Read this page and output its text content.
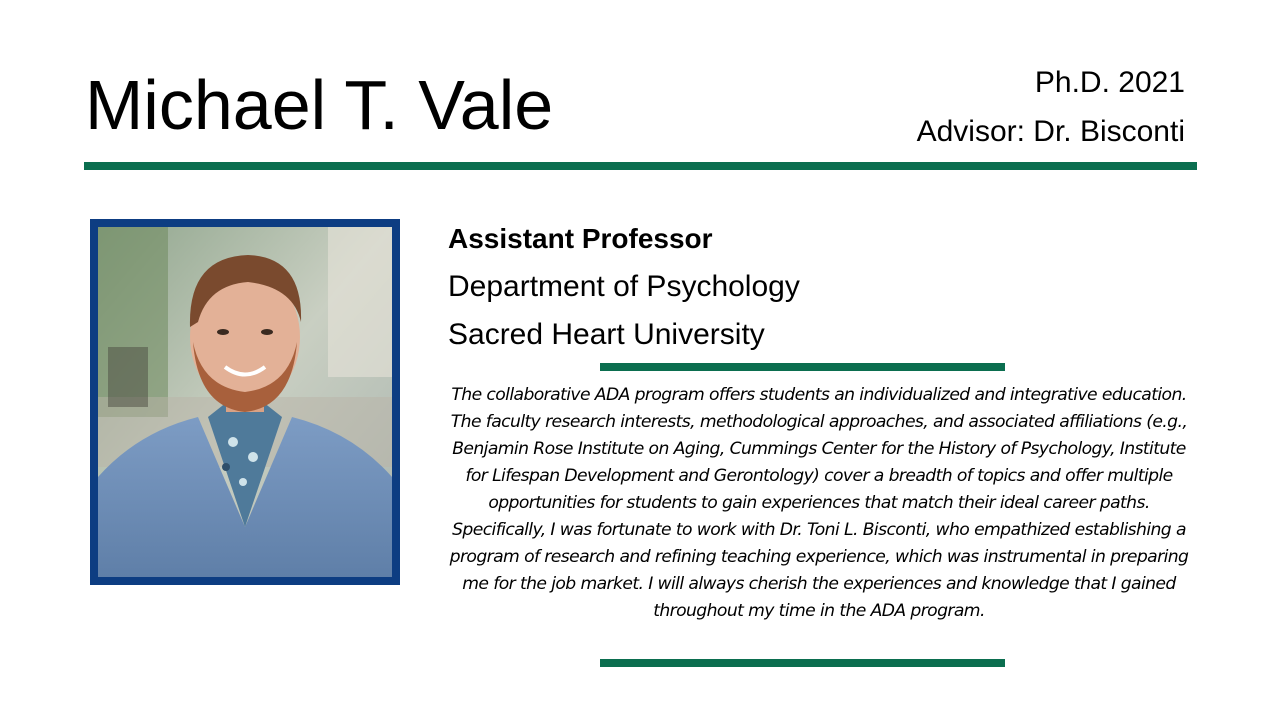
Michael T. Vale	Ph.D. 2021
Advisor: Dr. Bisconti
Assistant Professor
Department of Psychology
Sacred Heart University

The collaborative ADA program offers students an individualized and integrative education. The faculty research interests, methodological approaches, and associated affiliations (e.g., Benjamin Rose Institute on Aging, Cummings Center for the History of Psychology, Institute for Lifespan Development and Gerontology) cover a breadth of topics and offer multiple opportunities for students to gain experiences that match their ideal career paths. Specifically, I was fortunate to work with Dr. Toni L. Bisconti, who empathized establishing a program of research and refining teaching experience, which was instrumental in preparing me for the job market. I will always cherish the experiences and knowledge that I gained throughout my time in the ADA program.
